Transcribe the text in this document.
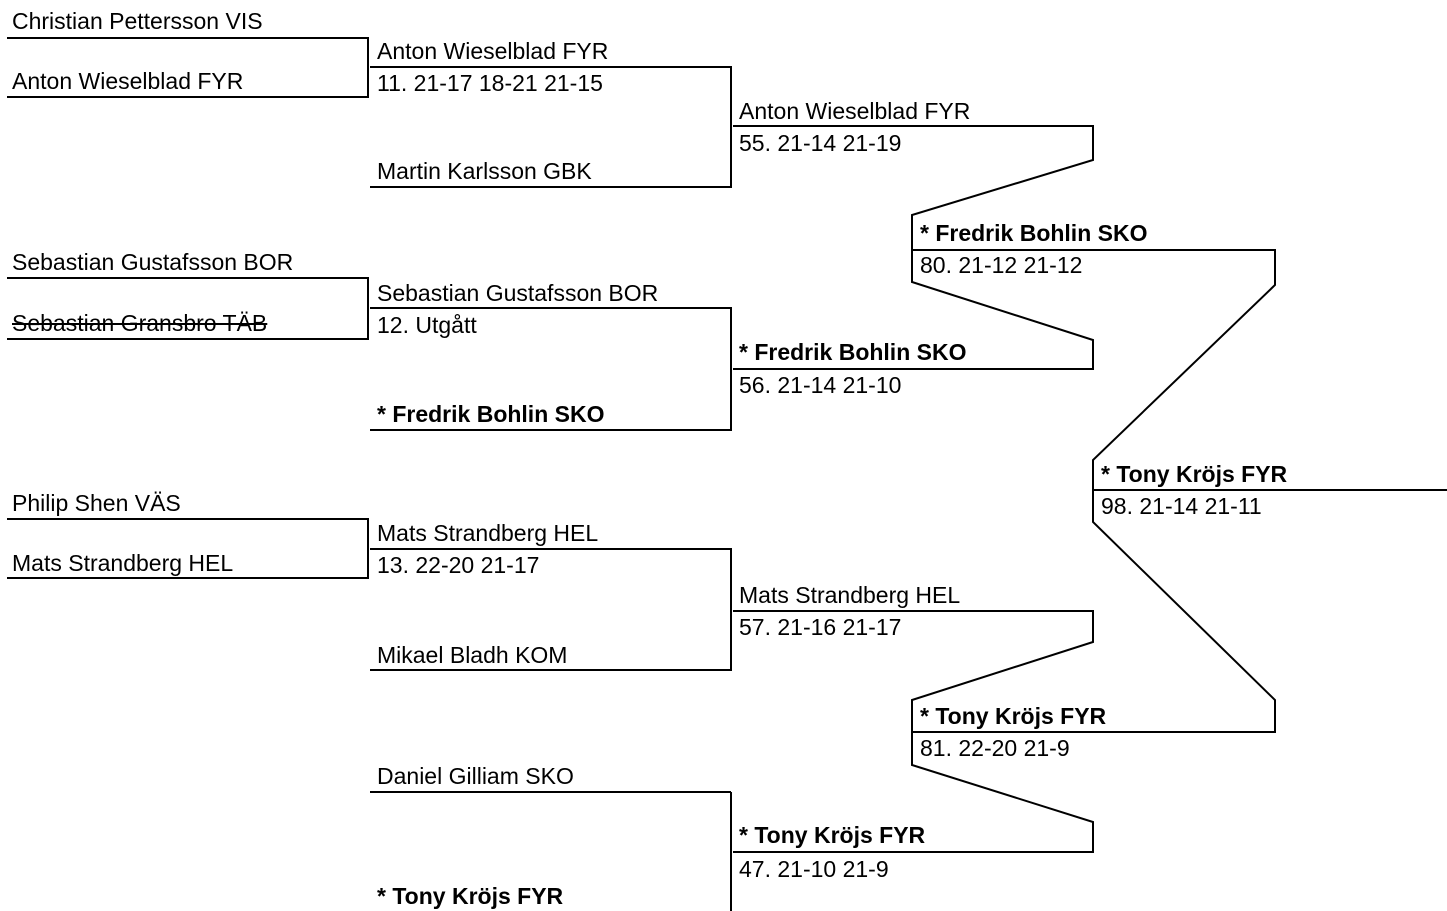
Christian Pettersson VIS
Anton Wieselblad FYR
Sebastian Gustafsson BOR
Sebastian Gransbro TÄB
Philip Shen VÄS
Mats Strandberg HEL
Anton Wieselblad FYR
11. 21-17 18-21 21-15
Martin Karlsson GBK
Sebastian Gustafsson BOR
12. Utgått
* Fredrik Bohlin SKO
Mats Strandberg HEL
13. 22-20 21-17
Mikael Bladh KOM
Daniel Gilliam SKO
* Tony Kröjs FYR
Anton Wieselblad FYR
55. 21-14 21-19
* Fredrik Bohlin SKO
56. 21-14 21-10
Mats Strandberg HEL
57. 21-16 21-17
* Tony Kröjs FYR
47. 21-10 21-9
* Fredrik Bohlin SKO
80. 21-12 21-12
* Tony Kröjs FYR
81. 22-20 21-9
* Tony Kröjs FYR
98. 21-14 21-11
